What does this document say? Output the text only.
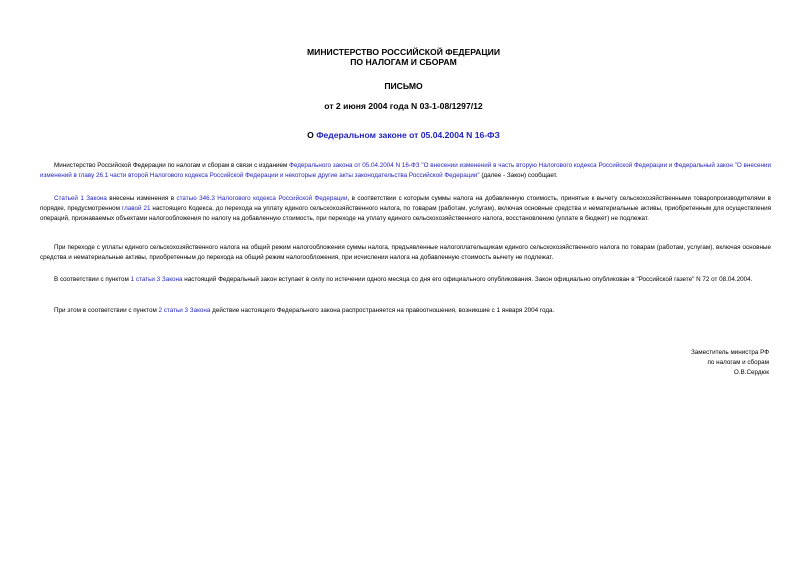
МИНИСТЕРСТВО РОССИЙСКОЙ ФЕДЕРАЦИИ
ПО НАЛОГАМ И СБОРАМ
ПИСЬМО
от 2 июня 2004 года N 03-1-08/1297/12
О Федеральном законе от 05.04.2004 N 16-ФЗ
Министерство Российской Федерации по налогам и сборам в связи с изданием Федерального закона от 05.04.2004 N 16-ФЗ "О внесении изменений в часть вторую Налогового кодекса Российской Федерации и Федеральный закон "О внесении изменений в главу 26.1 части второй Налогового кодекса Российской Федерации и некоторые другие акты законодательства Российской Федерации" (далее - Закон) сообщает.
Статьей 1 Закона внесены изменения в статью 346.3 Налогового кодекса Российской Федерации, в соответствии с которым суммы налога на добавленную стоимость, принятые к вычету сельскохозяйственными товаропроизводителями в порядке, предусмотренном главой 21 настоящего Кодекса, до перехода на уплату единого сельскохозяйственного налога, по товарам (работам, услугам), включая основные средства и нематериальные активы, приобретенным для осуществления операций, признаваемых объектами налогообложения по налогу на добавленную стоимость, при переходе на уплату единого сельскохозяйственного налога, восстановлению (уплате в бюджет) не подлежат.
При переходе с уплаты единого сельскохозяйственного налога на общий режим налогообложения суммы налога, предъявленные налогоплательщикам единого сельскохозяйственного налога по товарам (работам, услугам), включая основные средства и нематериальные активы, приобретенным до перехода на общий режим налогообложения, при исчислении налога на добавленную стоимость вычету не подлежат.
В соответствии с пунктом 1 статьи 3 Закона настоящий Федеральный закон вступает в силу по истечении одного месяца со дня его официального опубликования. Закон официально опубликован в "Российской газете" N 72 от 08.04.2004.
При этом в соответствии с пунктом 2 статьи 3 Закона действие настоящего Федерального закона распространяется на правоотношения, возникшие с 1 января 2004 года.
Заместитель министра РФ
по налогам и сборам
О.В.Сердюк
